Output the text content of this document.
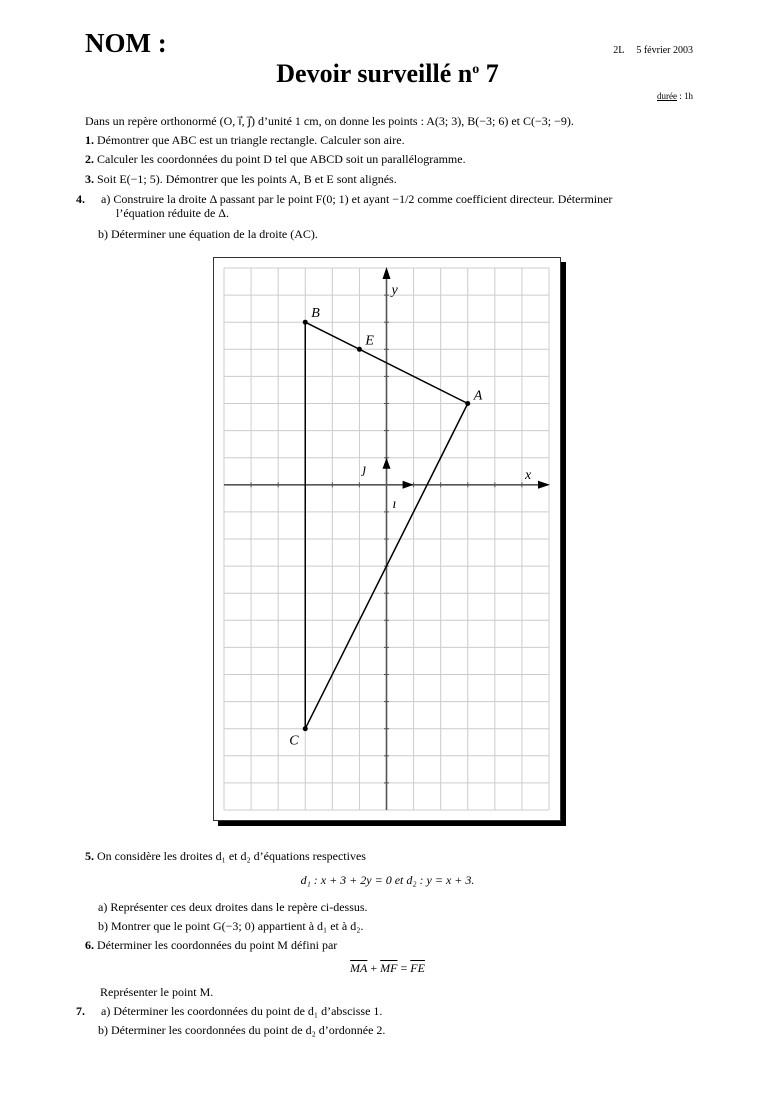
NOM :	2L 5 février 2003
Devoir surveillé $n^o$ 7
durée : 1h
Dans un repère orthonormé (O, ı⃗, ȷ⃗) d’unité 1 cm, on donne les points : A(3; 3), B(−3; 6) et C(−3; −9).
1. Démontrer que ABC est un triangle rectangle. Calculer son aire.
2. Calculer les coordonnées du point D tel que ABCD soit un parallélogramme.
3. Soit E(−1; 5). Démontrer que les points A, B et E sont alignés.
4. a) Construire la droite Δ passant par le point F(0; 1) et ayant −1/2 comme coefficient directeur. Déterminer
l’équation réduite de Δ.
b) Déterminer une équation de la droite (AC).
x
y
ı⃗
ȷ⃗
A
B
C
E
5. On considère les droites d₁ et d₂ d’équations respectives
d₁ : x + 3 + 2y = 0 et d₂ : y = x + 3.
a) Représenter ces deux droites dans le repère ci-dessus.
b) Montrer que le point G(−3; 0) appartient à d₁ et à d₂.
6. Déterminer les coordonnées du point M défini par
$\overline{MA} + \overline{MF} = \overline{FE}$
Représenter le point M.
7. a) Déterminer les coordonnées du point de d₁ d’abscisse 1.
b) Déterminer les coordonnées du point de d₂ d’ordonnée 2.
